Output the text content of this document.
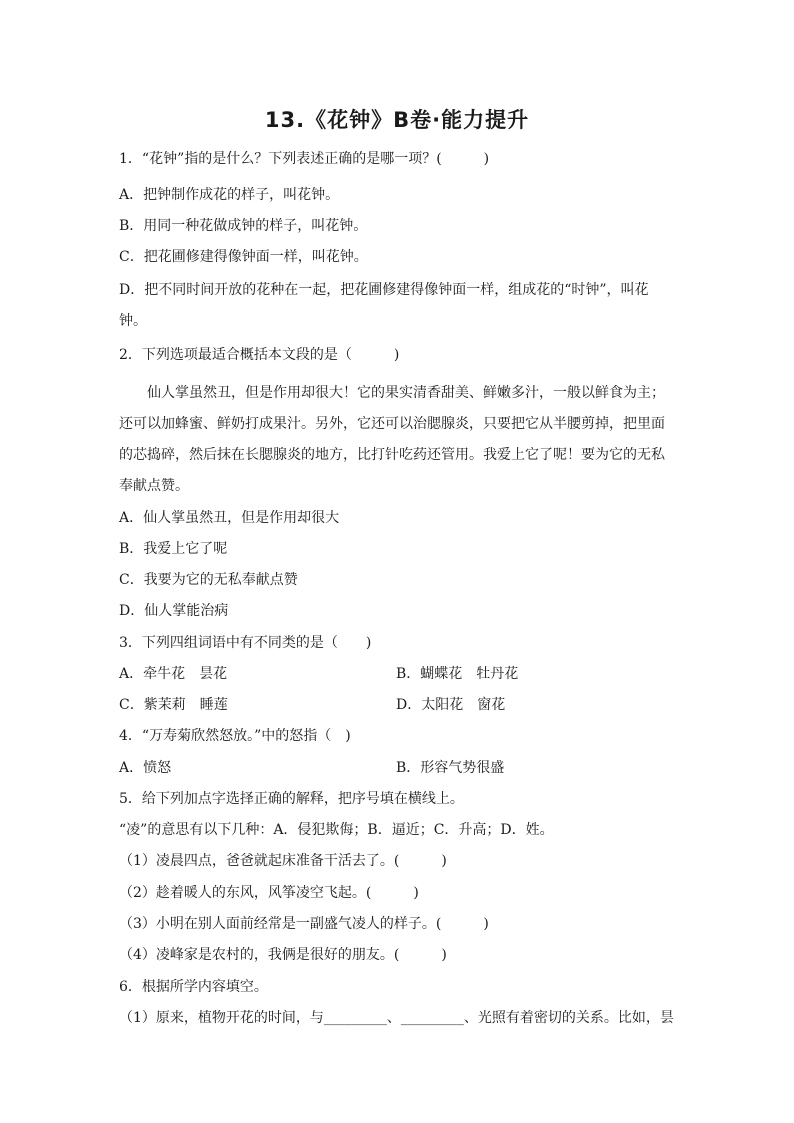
13.《花钟》B卷·能力提升
1．“花钟”指的是什么？下列表述正确的是哪一项？(　　　)
A．把钟制作成花的样子，叫花钟。
B．用同一种花做成钟的样子，叫花钟。
C．把花圃修建得像钟面一样，叫花钟。
D．把不同时间开放的花种在一起，把花圃修建得像钟面一样，组成花的“时钟”，叫花
钟。
2．下列选项最适合概括本文段的是（　　　)
仙人掌虽然丑，但是作用却很大！它的果实清香甜美、鲜嫩多汁，一般以鲜食为主；
还可以加蜂蜜、鲜奶打成果汁。另外，它还可以治腮腺炎，只要把它从半腰剪掉，把里面
的芯捣碎，然后抹在长腮腺炎的地方，比打针吃药还管用。我爱上它了呢！要为它的无私
奉献点赞。
A．仙人掌虽然丑，但是作用却很大
B．我爱上它了呢
C．我要为它的无私奉献点赞
D．仙人掌能治病
3．下列四组词语中有不同类的是（　　)
A．牵牛花　昙花	B．蝴蝶花　牡丹花
C．紫茉莉　睡莲	D．太阳花　窗花
4．“万寿菊欣然怒放。”中的怒指（　)
A．愤怒	B．形容气势很盛
5．给下列加点字选择正确的解释，把序号填在横线上。
“凌”的意思有以下几种：A．侵犯欺侮；B．逼近；C．升高；D．姓。
（1）凌晨四点，爸爸就起床准备干活去了。(　　　)
（2）趁着暖人的东风，风筝凌空飞起。(　　　)
（3）小明在别人面前经常是一副盛气凌人的样子。(　　　)
（4）凌峰家是农村的，我俩是很好的朋友。(　　　)
6．根据所学内容填空。
（1）原来，植物开花的时间，与_________、_________、光照有着密切的关系。比如，昙
